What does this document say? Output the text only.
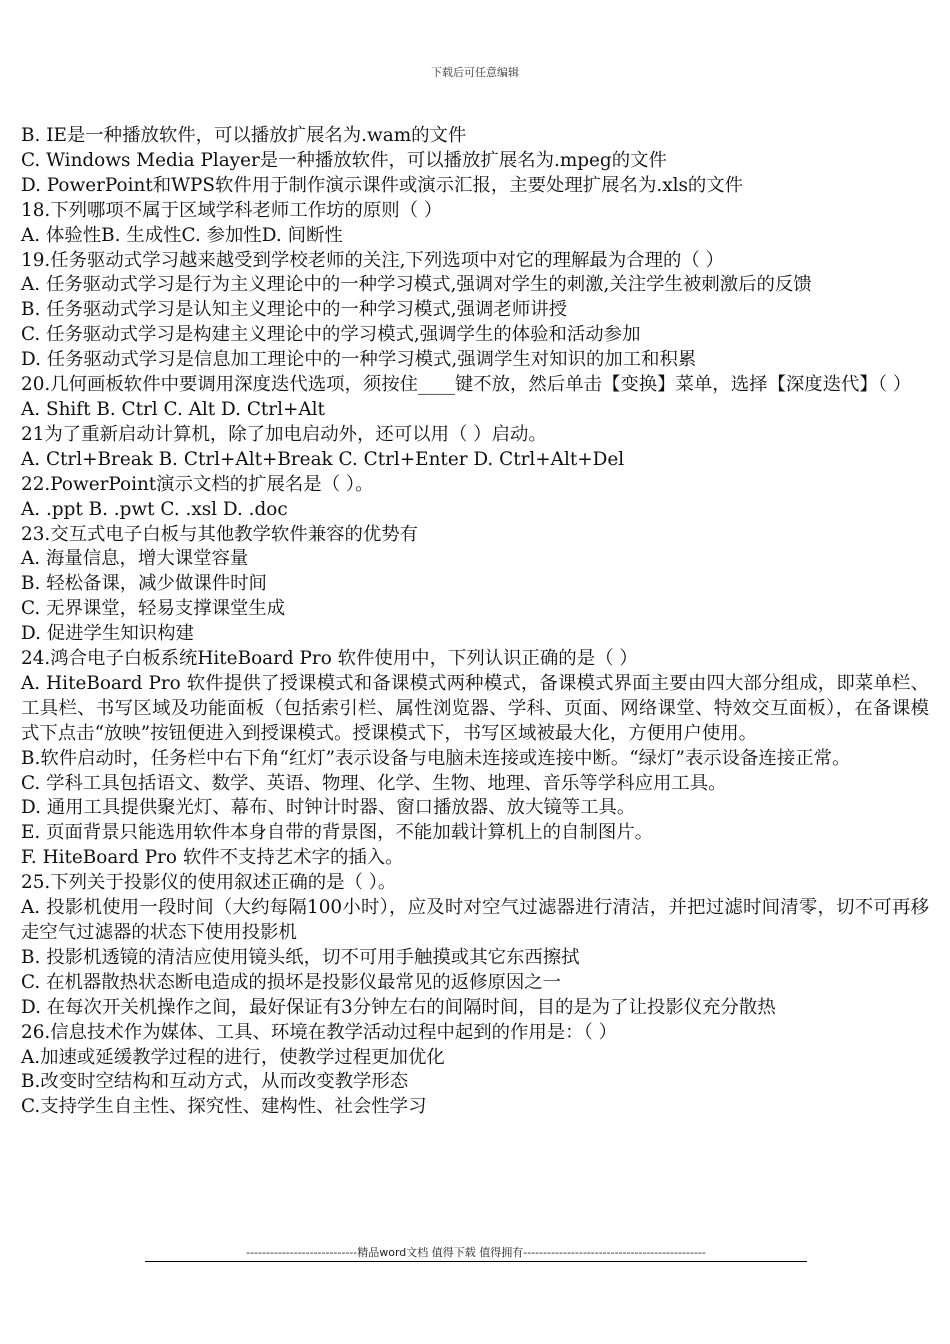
下载后可任意编辑
B. IE是一种播放软件，可以播放扩展名为.wam的文件
C. Windows Media Player是一种播放软件，可以播放扩展名为.mpeg的文件
D. PowerPoint和WPS软件用于制作演示课件或演示汇报，主要处理扩展名为.xls的文件
18.下列哪项不属于区域学科老师工作坊的原则（ ）
A. 体验性B. 生成性C. 参加性D. 间断性
19.任务驱动式学习越来越受到学校老师的关注,下列选项中对它的理解最为合理的（ ）
A. 任务驱动式学习是行为主义理论中的一种学习模式,强调对学生的刺激,关注学生被刺激后的反馈
B. 任务驱动式学习是认知主义理论中的一种学习模式,强调老师讲授
C. 任务驱动式学习是构建主义理论中的学习模式,强调学生的体验和活动参加
D. 任务驱动式学习是信息加工理论中的一种学习模式,强调学生对知识的加工和积累
20.几何画板软件中要调用深度迭代选项，须按住____键不放，然后单击【变换】菜单，选择【深度迭代】（ ）
A. Shift B. Ctrl C. Alt D. Ctrl+Alt
21为了重新启动计算机，除了加电启动外，还可以用（ ）启动。
A. Ctrl+Break B. Ctrl+Alt+Break C. Ctrl+Enter D. Ctrl+Alt+Del
22.PowerPoint演示文档的扩展名是（ ）。
A. .ppt B. .pwt C. .xsl D. .doc
23.交互式电子白板与其他教学软件兼容的优势有
A. 海量信息，增大课堂容量
B. 轻松备课，减少做课件时间
C. 无界课堂，轻易支撑课堂生成
D. 促进学生知识构建
24.鸿合电子白板系统HiteBoard Pro 软件使用中，下列认识正确的是（ ）
A. HiteBoard Pro 软件提供了授课模式和备课模式两种模式，备课模式界面主要由四大部分组成，即菜单栏、工具栏、书写区域及功能面板（包括索引栏、属性浏览器、学科、页面、网络课堂、特效交互面板），在备课模式下点击“放映”按钮便进入到授课模式。授课模式下，书写区域被最大化，方便用户使用。
B.软件启动时，任务栏中右下角“红灯”表示设备与电脑未连接或连接中断。“绿灯”表示设备连接正常。
C. 学科工具包括语文、数学、英语、物理、化学、生物、地理、音乐等学科应用工具。
D. 通用工具提供聚光灯、幕布、时钟计时器、窗口播放器、放大镜等工具。
E. 页面背景只能选用软件本身自带的背景图，不能加载计算机上的自制图片。
F. HiteBoard Pro 软件不支持艺术字的插入。
25.下列关于投影仪的使用叙述正确的是（ ）。
A. 投影机使用一段时间（大约每隔100小时），应及时对空气过滤器进行清洁，并把过滤时间清零，切不可再移走空气过滤器的状态下使用投影机
B. 投影机透镜的清洁应使用镜头纸，切不可用手触摸或其它东西擦拭
C. 在机器散热状态断电造成的损坏是投影仪最常见的返修原因之一
D. 在每次开关机操作之间，最好保证有3分钟左右的间隔时间，目的是为了让投影仪充分散热
26.信息技术作为媒体、工具、环境在教学活动过程中起到的作用是：（ ）
A.加速或延缓教学过程的进行，使教学过程更加优化
B.改变时空结构和互动方式，从而改变教学形态
C.支持学生自主性、探究性、建构性、社会性学习
----------------------------精品word文档 值得下载 值得拥有----------------------------------------------
